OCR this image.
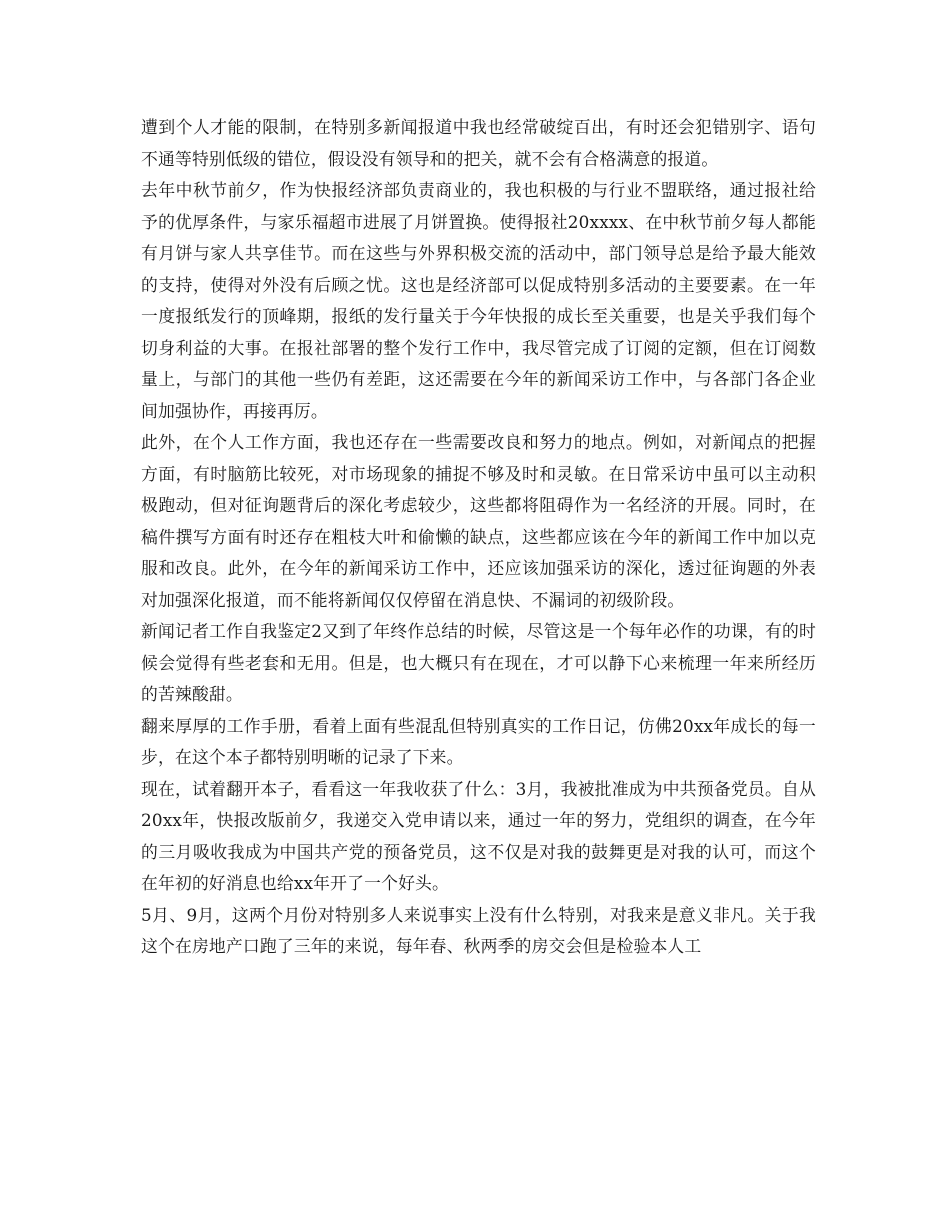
遭到个人才能的限制，在特别多新闻报道中我也经常破绽百出，有时还会犯错别字、语句不通等特别低级的错位，假设没有领导和的把关，就不会有合格满意的报道。

去年中秋节前夕，作为快报经济部负责商业的，我也积极的与行业不盟联络，通过报社给予的优厚条件，与家乐福超市进展了月饼置换。使得报社20xxxx、在中秋节前夕每人都能有月饼与家人共享佳节。而在这些与外界积极交流的活动中，部门领导总是给予最大能效的支持，使得对外没有后顾之忧。这也是经济部可以促成特别多活动的主要要素。在一年一度报纸发行的顶峰期，报纸的发行量关于今年快报的成长至关重要，也是关乎我们每个切身利益的大事。在报社部署的整个发行工作中，我尽管完成了订阅的定额，但在订阅数量上，与部门的其他一些仍有差距，这还需要在今年的新闻采访工作中，与各部门各企业间加强协作，再接再厉。

此外，在个人工作方面，我也还存在一些需要改良和努力的地点。例如，对新闻点的把握方面，有时脑筋比较死，对市场现象的捕捉不够及时和灵敏。在日常采访中虽可以主动积极跑动，但对征询题背后的深化考虑较少，这些都将阻碍作为一名经济的开展。同时，在稿件撰写方面有时还存在粗枝大叶和偷懒的缺点，这些都应该在今年的新闻工作中加以克服和改良。此外，在今年的新闻采访工作中，还应该加强采访的深化，透过征询题的外表对加强深化报道，而不能将新闻仅仅停留在消息快、不漏词的初级阶段。

新闻记者工作自我鉴定2又到了年终作总结的时候，尽管这是一个每年必作的功课，有的时候会觉得有些老套和无用。但是，也大概只有在现在，才可以静下心来梳理一年来所经历的苦辣酸甜。

翻来厚厚的工作手册，看着上面有些混乱但特别真实的工作日记，仿佛20xx年成长的每一步，在这个本子都特别明晰的记录了下来。

现在，试着翻开本子，看看这一年我收获了什么：3月，我被批准成为中共预备党员。自从20xx年，快报改版前夕，我递交入党申请以来，通过一年的努力，党组织的调查，在今年的三月吸收我成为中国共产党的预备党员，这不仅是对我的鼓舞更是对我的认可，而这个在年初的好消息也给xx年开了一个好头。

5月、9月，这两个月份对特别多人来说事实上没有什么特别，对我来是意义非凡。关于我这个在房地产口跑了三年的来说，每年春、秋两季的房交会但是检验本人工
